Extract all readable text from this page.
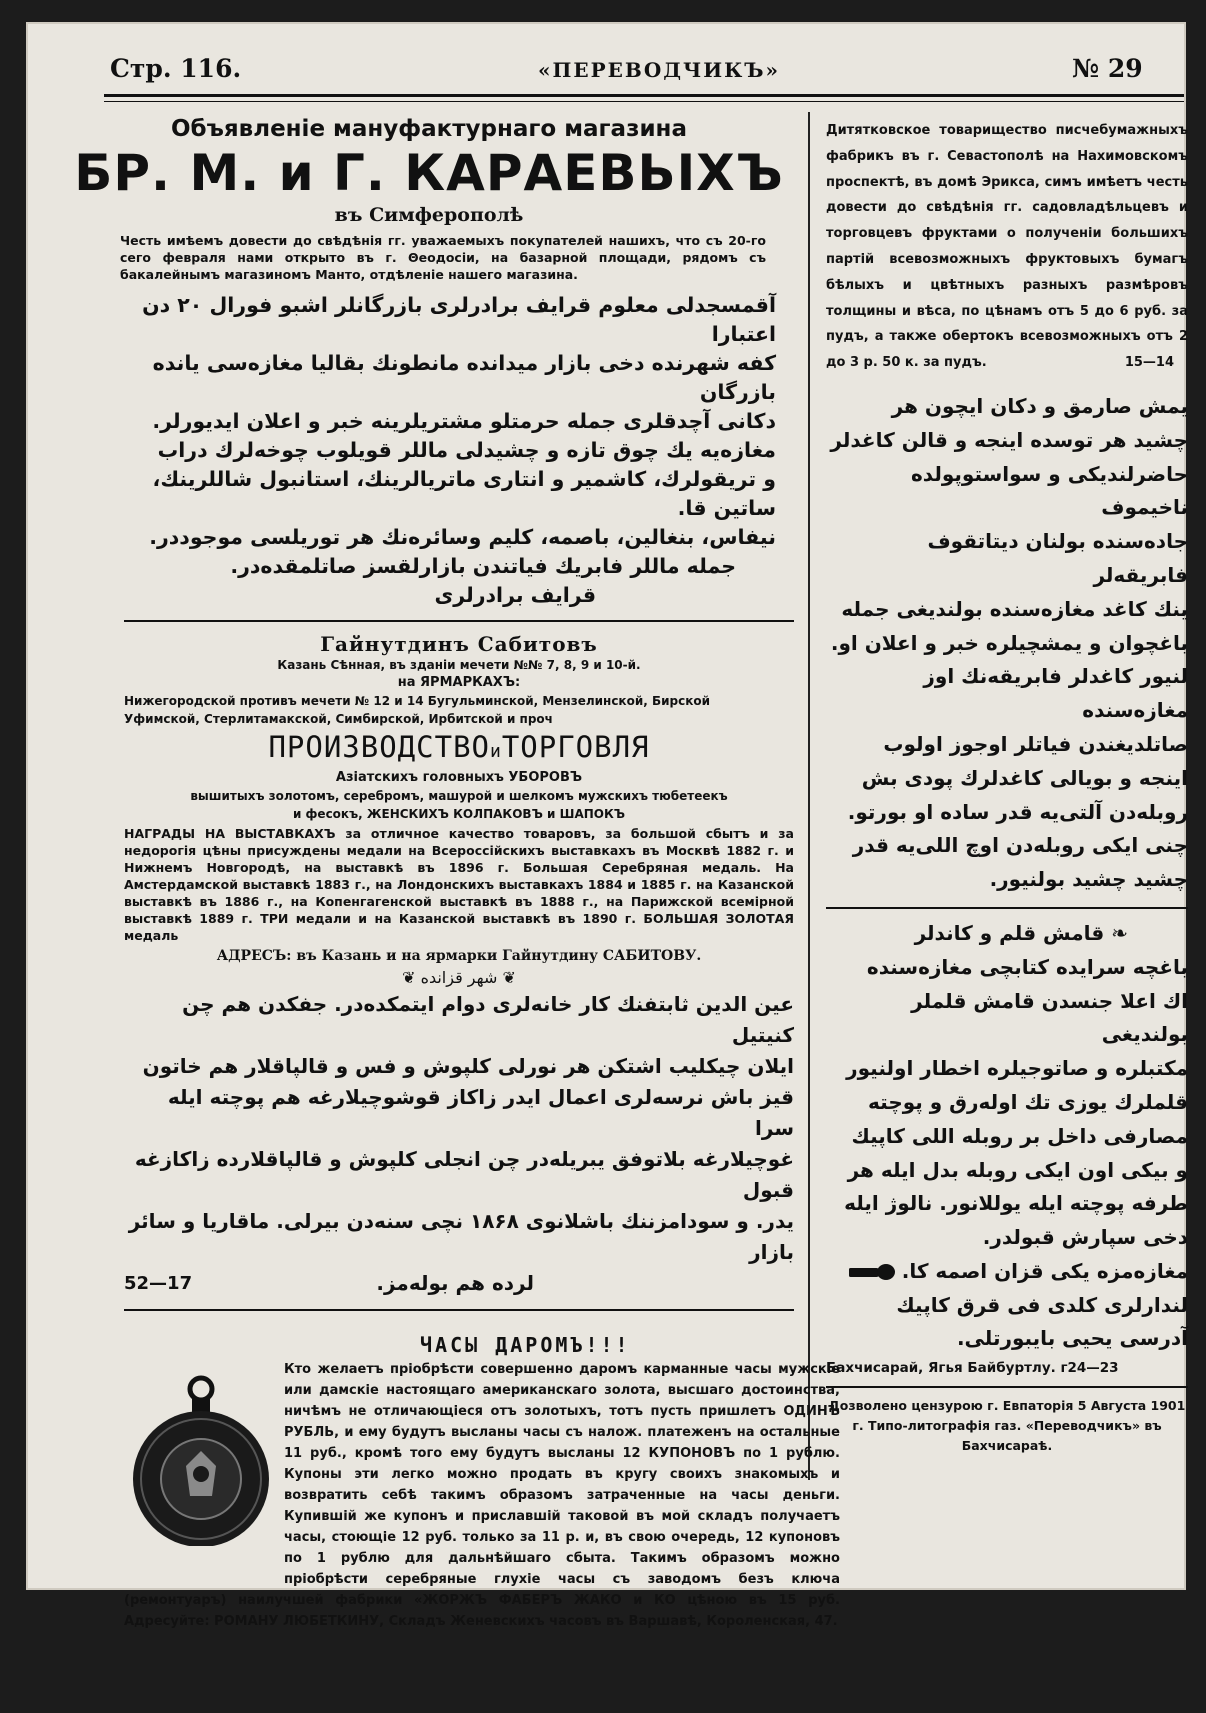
Стр. 116.	«ПЕРЕВОДЧИКЪ»	№ 29
Объявленіе мануфактурнаго магазина
БР. М. и Г. КАРАЕВЬIХЪ
въ Симферополѣ
Честь имѣемъ довести до свѣдѣнія гг. уважаемыхъ покупателей нашихъ, что съ 20-го сего февраля нами открыто въ г. Θеодосіи, на базарной площади, рядомъ съ бакалейнымъ магазиномъ Манто, отдѣленіе нашего магазина.
آقمسجدلى معلوم قرايف برادرلرى بازرگانلر اشبو فورال ۲۰ دن اعتبارا
كفه شهرنده دخى بازار ميدانده مانطونك بقاليا مغازه‌سى يانده بازرگان
دكانى آچدقلرى جمله حرمتلو مشتريلرينه خبر و اعلان ايديورلر.
مغازه‌يه يك چوق تازه و چشيدلى ماللر قويلوب چوخه‌لرك دراب
و تريقولرك، كاشمير و انتارى ماتريالرينك، استانبول شاللرينك، ساتين قا.
نيفاس، بنغالين، باصمه، كليم وسائره‌نك هر توريلسى موجوددر.
جمله ماللر فابريك فياتندن بازارلقسز صاتلمقده‌در.
قرايف برادرلرى
Гайнутдинъ Сабитовъ
Казань Сѣнная, въ зданіи мечети №№ 7, 8, 9 и 10-й.
на ЯРМАРКАХЪ:
Нижегородской противъ мечети № 12 и 14 Бугульминской, Мензелинской, Бирской
Уфимской, Стерлитамакской, Симбирской, Ирбитской и проч
ПРОИЗВОДСТВОиТОРГОВЛЯ
Азіатскихъ головныхъ УБОРОВЪ
вышитыхъ золотомъ, серебромъ, машурой и шелкомъ мужскихъ тюбетеекъ
и фесокъ, ЖЕНСКИХЪ КОЛПАКОВЪ и ШАПОКЪ
НАГРАДЫ НА ВЫСТАВКАХЪ за отличное качество товаровъ, за большой сбытъ и за недорогія цѣны присуждены медали на Всероссійскихъ выставкахъ въ Москвѣ 1882 г. и Нижнемъ Новгородѣ, на выставкѣ въ 1896 г. Большая Серебряная медаль. На Амстердамской выставкѣ 1883 г., на Лондонскихъ выставкахъ 1884 и 1885 г. на Казанской выставкѣ въ 1886 г., на Копенгагенской выставкѣ въ 1888 г., на Парижской всемірной выставкѣ 1889 г. ТРИ медали и на Казанской выставкѣ въ 1890 г. БОЛЬШАЯ ЗОЛОТАЯ медаль
АДРЕСЪ: въ Казань и на ярмарки Гайнутдину САБИТОВУ.
❦ شهر قزانده ❦
عين الدين ثابتفنك كار خانه‌لرى دوام ايتمكده‌در. جفكدن هم چن كنيتيل
ايلان چيكليب اشتكن هر نورلى كلپوش و فس و قالپاقلار هم خاتون
قيز باش نرسه‌لرى اعمال ايدر زاكاز قوشوچيلارغه هم پوچته ايله سرا
غوچيلارغه بلاتوفق يبريله‌در چن انجلى كلپوش و قالپاقلارده زاكازغه قبول
يدر. و سودامزننك باشلانوى ۱۸۶۸ نچى سنه‌دن بيرلى. ماقاريا و سائر بازار
52—17	لرده هم بوله‌مز.
ЧАСЫ ДАРОМЪ!!!
Кто желаетъ пріобрѣсти совершенно даромъ карманные часы мужскіе или дамскіе настоящаго американскаго золота, высшаго достоинства, ничѣмъ не отличающіеся отъ золотыхъ, тотъ пусть пришлетъ ОДИНЪ РУБЛЬ, и ему будутъ высланы часы съ налож. платеженъ на остальные 11 руб., кромѣ того ему будутъ высланы 12 КУПОНОВЪ по 1 рублю. Купоны эти легко можно продать въ кругу своихъ знакомыхъ и возвратить себѣ такимъ образомъ затраченные на часы деньги. Купившій же купонъ и приславшій таковой въ мой складъ получаетъ часы, стоющіе 12 руб. только за 11 р. и, въ свою очередь, 12 купоновъ по 1 рублю для дальнѣйшаго сбыта. Такимъ образомъ можно пріобрѣсти серебряные глухіе часы съ заводомъ безъ ключа (ремонтуаръ) наилучшей фабрики «ЖОРЖЪ ФАБЕРЪ ЖАКО и КО цѣною въ 15 руб. Адресуйте: РОМАНУ ЛЮБЕТКИНУ, Складъ Женевскихъ часовъ въ Варшавѣ, Короленская, 47.
Дитятковское товарищество писчебумажныхъ фабрикъ въ г. Севастополѣ на Нахимовскомъ проспектѣ, въ домѣ Эрикса, симъ имѣетъ честь довести до свѣдѣнія гг. садовладѣльцевъ и торговцевъ фруктами о полученіи большихъ партій всевозможныхъ фруктовыхъ бумагъ бѣлыхъ и цвѣтныхъ разныхъ размѣровъ толщины и вѣса, по цѣнамъ отъ 5 до 6 руб. за пудъ, а также обертокъ всевозможныхъ отъ 2 до 3 р. 50 к. за пудъ.	15—14
يمش صارمق و دكان ايچون هر
چشيد هر توسده اينجه و قالن كاغدلر
حاضرلنديكى و سواستوپولده ناخيموف
جاده‌سنده بولنان ديتاتقوف فابريقه‌لر
ينك كاغد مغازه‌سنده بولنديغى جمله
باغچوان و يمشچيلره خبر و اعلان او.
لنيور كاغدلر فابريقه‌نك اوز مغازه‌سنده
صاتلديغندن فياتلر اوجوز اولوب
اينجه و بويالى كاغدلرك پودى بش
روبله‌دن آلتى‌يه قدر ساده او بورتو.
چنى ايكى روبله‌دن اوچ اللى‌يه قدر
چشيد چشيد بولنيور.
❧ قامش قلم و كاندلر
باغچه سرايده كتابچى مغازه‌سنده
اك اعلا جنسدن قامش قلملر بولنديغى
مكتبلره و صاتوجيلره اخطار اولنيور
قلملرك يوزى تك اوله‌رق و پوچته
مصارفى داخل بر روبله اللى كاپيك
و بيكى اون ايكى روبله بدل ايله هر
طرفه پوچته ايله يوللانور. نالوژ ايله
دخى سپارش قبولدر.
مغازه‌مزه يكى قزان اصمه كا.
لندارلرى كلدى فى قرق كاپيك
آدرسى يحيى بايبورتلى.
Бахчисарай, Ягья Байбуртлу. г24—23
Дозволено цензурою г. Евпаторія 5 Августа 1901 г. Типо-литографія газ. «Переводчикъ» въ Бахчисараѣ.
